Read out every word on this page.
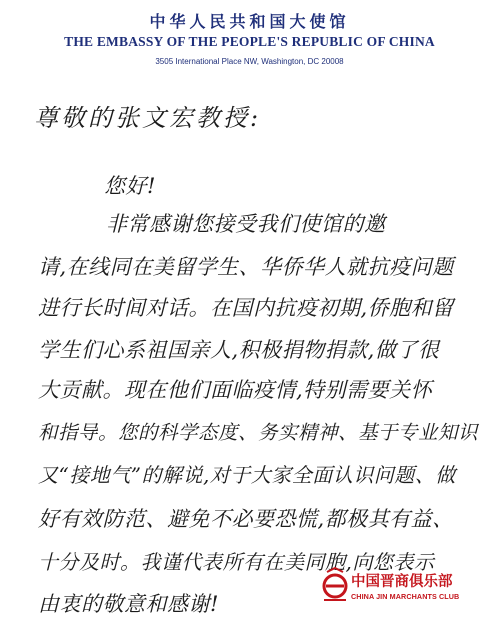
中华人民共和国大使馆
THE EMBASSY OF THE PEOPLE'S REPUBLIC OF CHINA
3505 International Place NW, Washington, DC 20008
尊敬的张文宏教授:
您好!
非常感谢您接受我们使馆的邀
请,在线同在美留学生、华侨华人就抗疫问题
进行长时间对话。在国内抗疫初期,侨胞和留
学生们心系祖国亲人,积极捐物捐款,做了很
大贡献。现在他们面临疫情,特别需要关怀
和指导。您的科学态度、务实精神、基于专业知识
又“接地气”的解说,对于大家全面认识问题、做
好有效防范、避免不必要恐慌,都极其有益、
十分及时。我谨代表所有在美同胞,向您表示
由衷的敬意和感谢!
中国晋商俱乐部
CHINA JIN MARCHANTS CLUB
